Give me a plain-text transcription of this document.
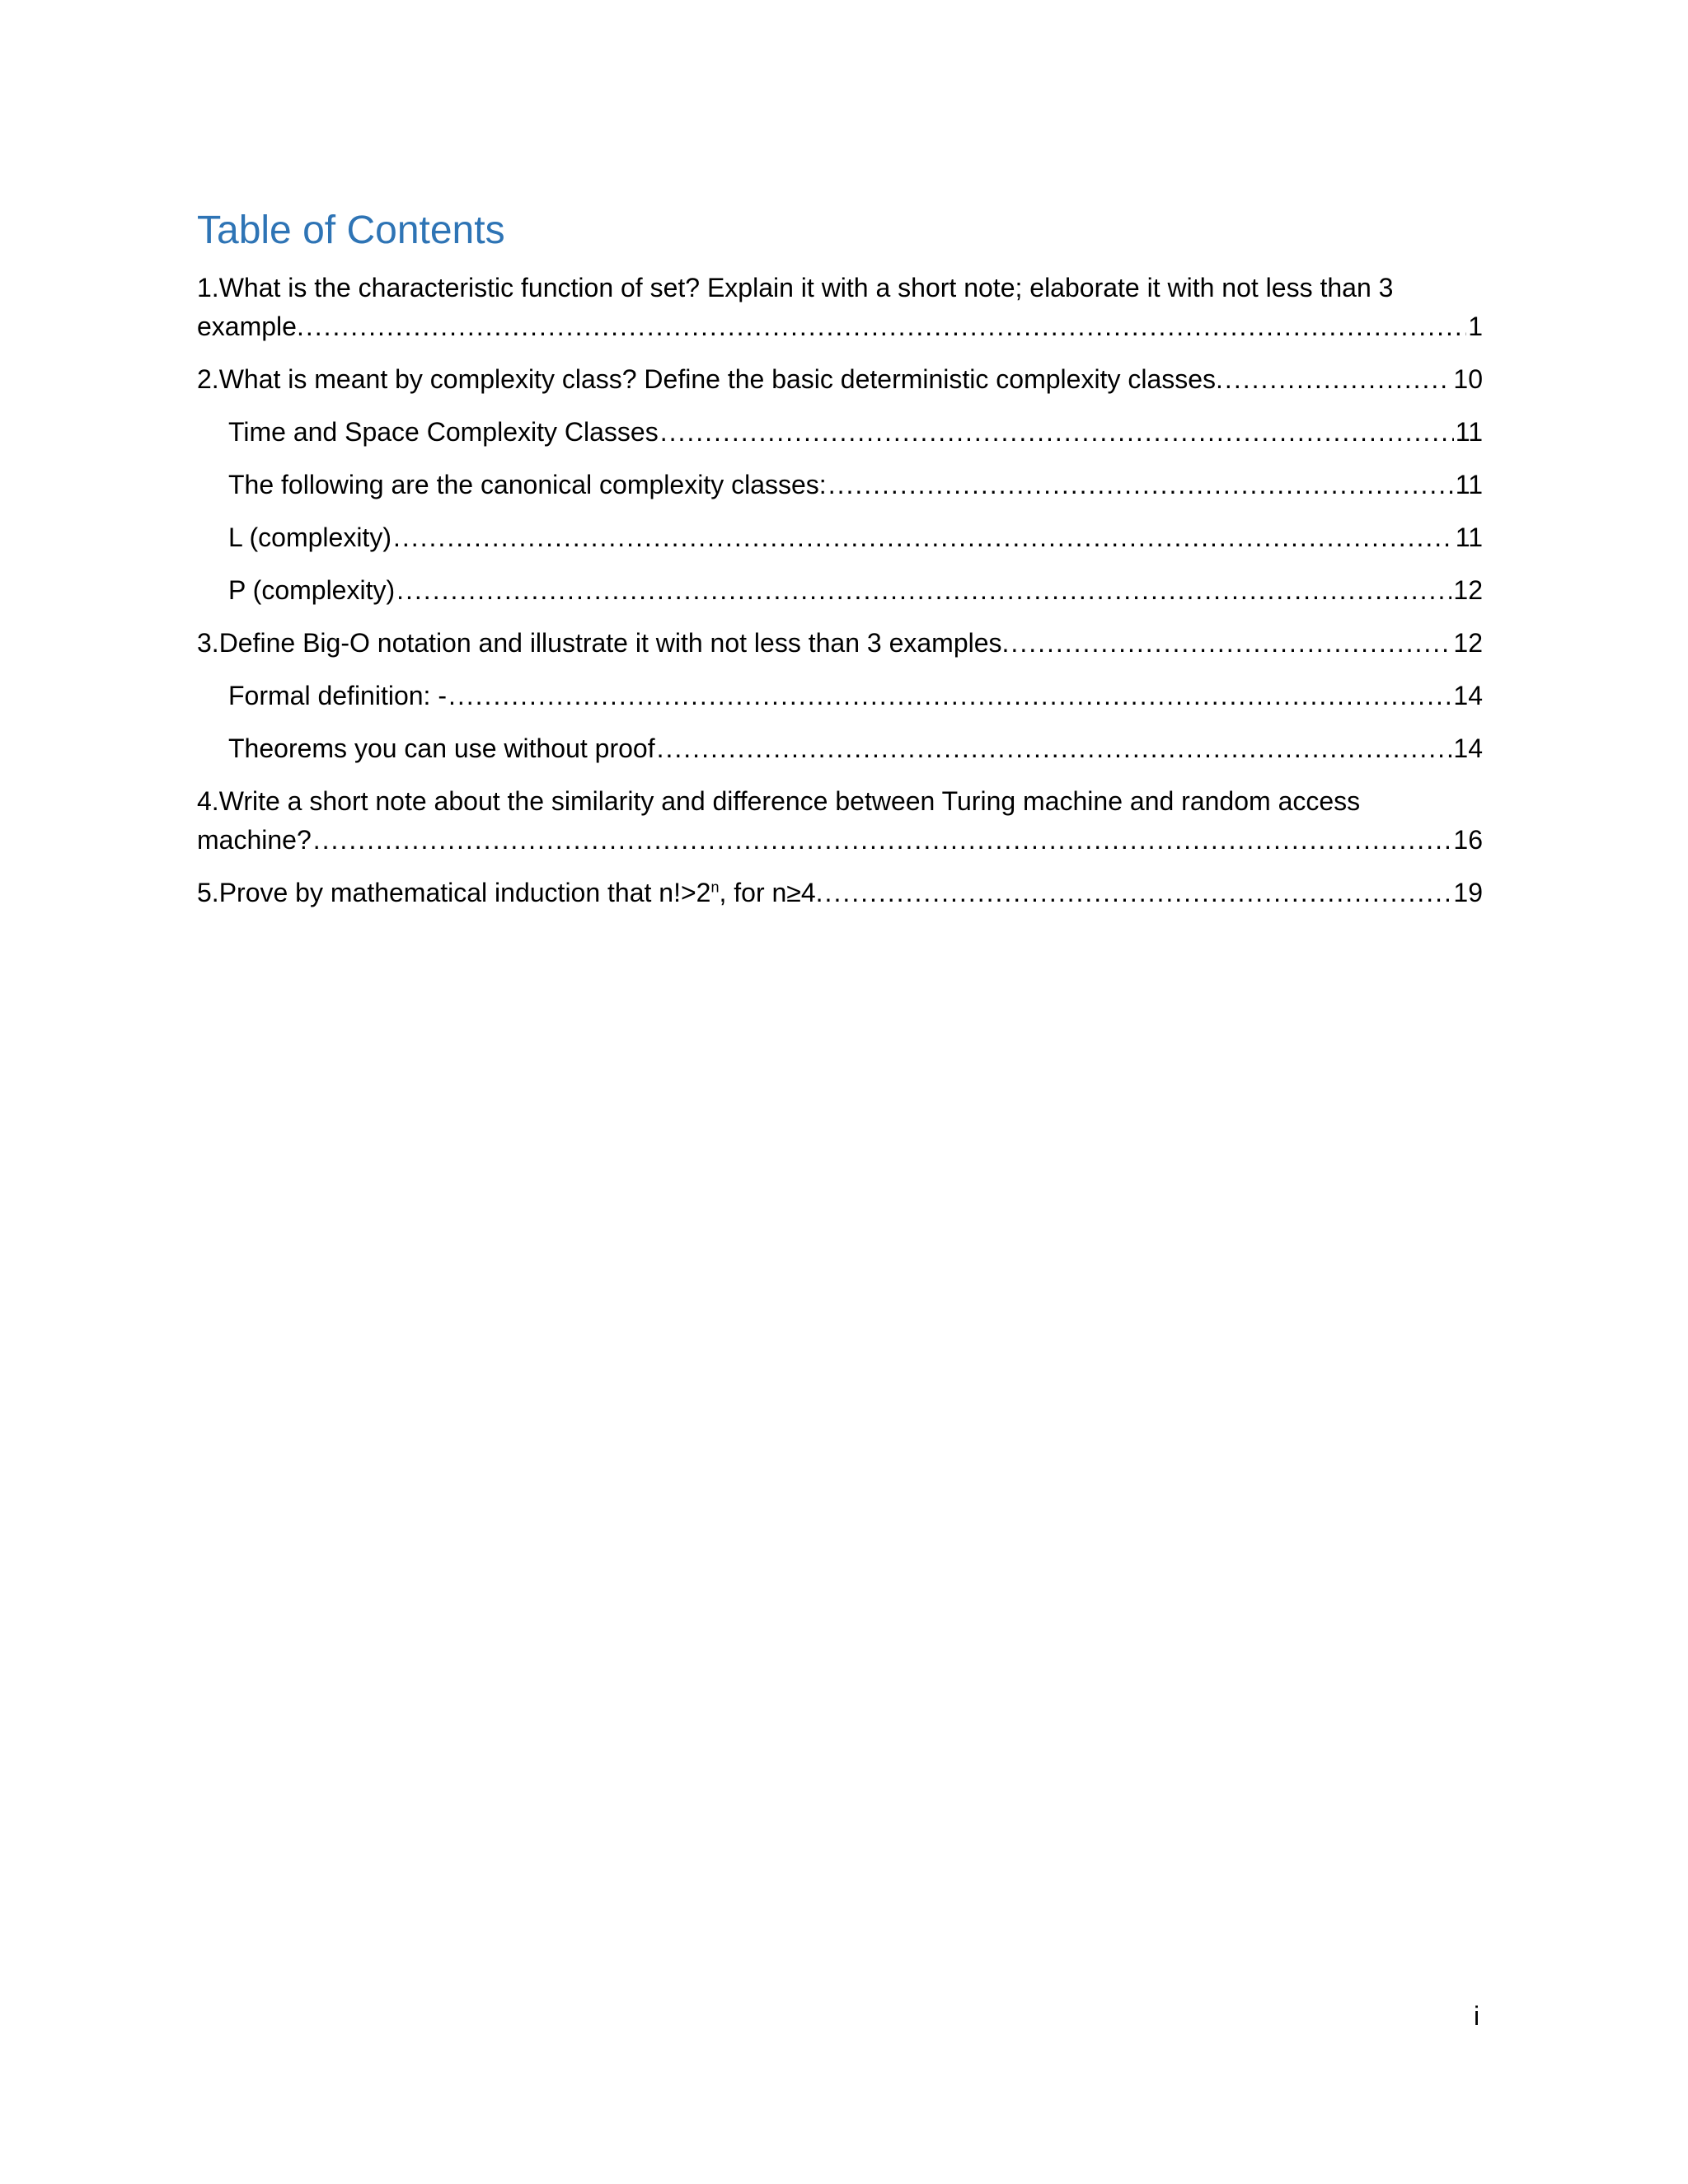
Table of Contents
1.What is the characteristic function of set? Explain it with a short note; elaborate it with not less than 3
example. .....	1
2.What is meant by complexity class? Define the basic deterministic complexity classes. .....	10
Time and Space Complexity Classes .....	11
The following are the canonical complexity classes: .....	11
L (complexity) .....	11
P (complexity) .....	12
3.Define Big-O notation and illustrate it with not less than 3 examples. .....	12
Formal definition: - .....	14
Theorems you can use without proof .....	14
4.Write a short note about the similarity and difference between Turing machine and random access
machine? .....	16
5.Prove by mathematical induction that $n!>2^n$, for n≥4. .....	19
i
